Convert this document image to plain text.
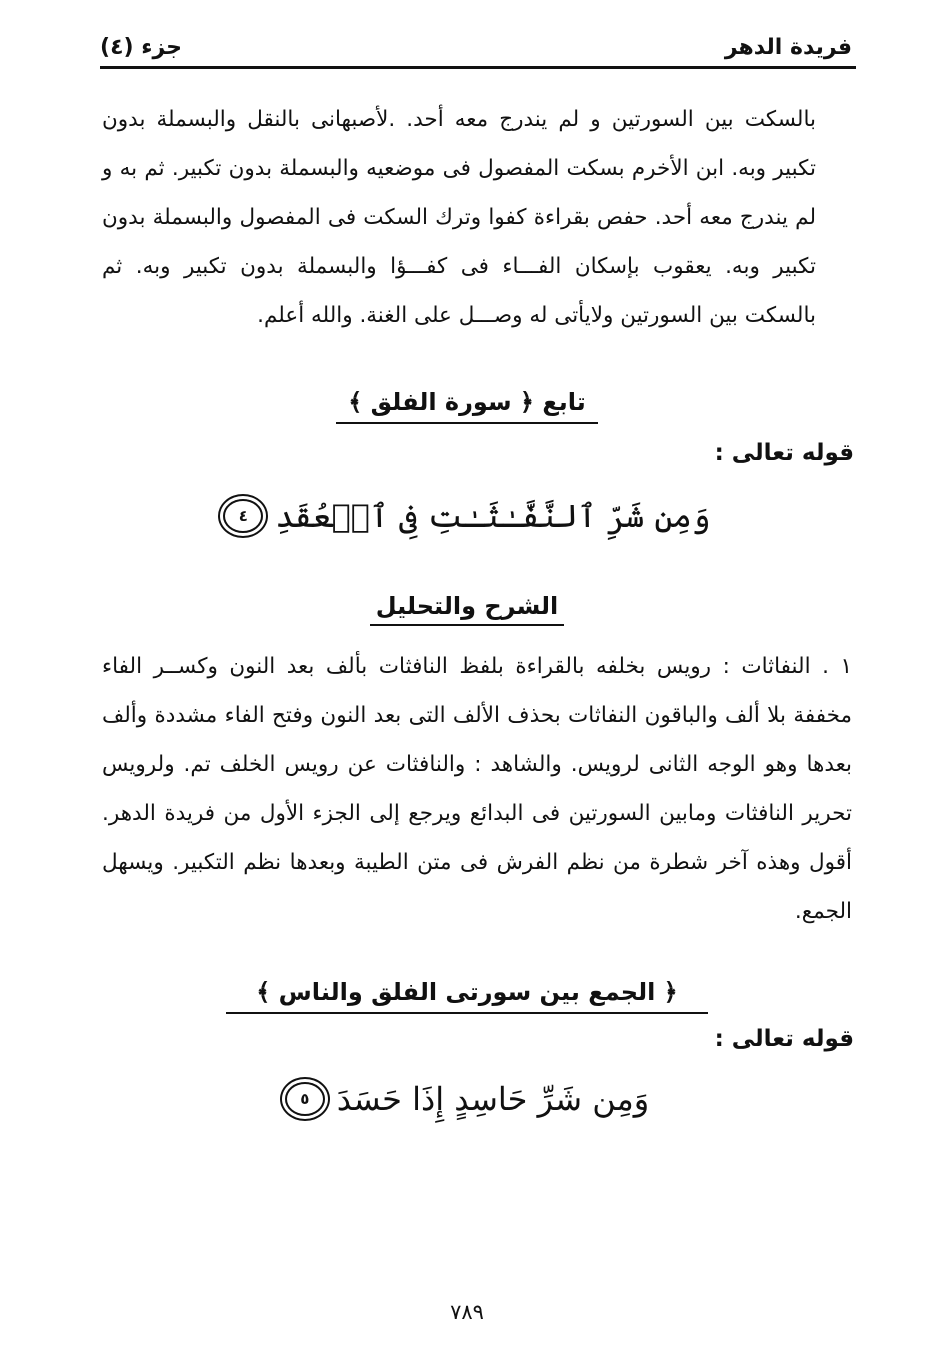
فريدة الدهر
جزء (٤)
بالسكت بين السورتين و لم يندرج معه أحد. .لأصبهانى بالنقل والبسملة بدون تكبير وبه. ابن الأخرم بسكت المفصول فى موضعيه والبسملة بدون تكبير. ثم به و لم يندرج معه أحد. حفص بقراءة كفوا وترك السكت فى المفصول والبسملة بدون تكبير وبه. يعقوب بإسكان الفـــاء فى كفـــؤا والبسملة بدون تكبير وبه. ثم بالسكت بين السورتين ولايأتى له وصـــل على الغنة. والله أعلم.
تابع ﴿ سورة الفلق ﴾
قوله تعالى :
وَمِن شَرِّ ٱلنَّفَّـٰثَـٰتِ فِى ٱلۡعُقَدِ
٤
الشرح والتحليل
١ . النفاثات : رويس بخلفه بالقراءة بلفظ النافثات بألف بعد النون وكســر الفاء مخففة بلا ألف والباقون النفاثات بحذف الألف التى بعد النون وفتح الفاء مشددة وألف بعدها وهو الوجه الثانى لرويس. والشاهد : والنافثات عن رويس الخلف تم. ولرويس تحرير النافثات ومابين السورتين فى البدائع ويرجع إلى الجزء الأول من فريدة الدهر. أقول وهذه آخر شطرة من نظم الفرش فى متن الطيبة وبعدها نظم التكبير. ويسهل الجمع.
﴿ الجمع بين سورتى الفلق والناس ﴾
قوله تعالى :
وَمِن شَرِّ حَاسِدٍ إِذَا حَسَدَ
٥
٧٨٩
